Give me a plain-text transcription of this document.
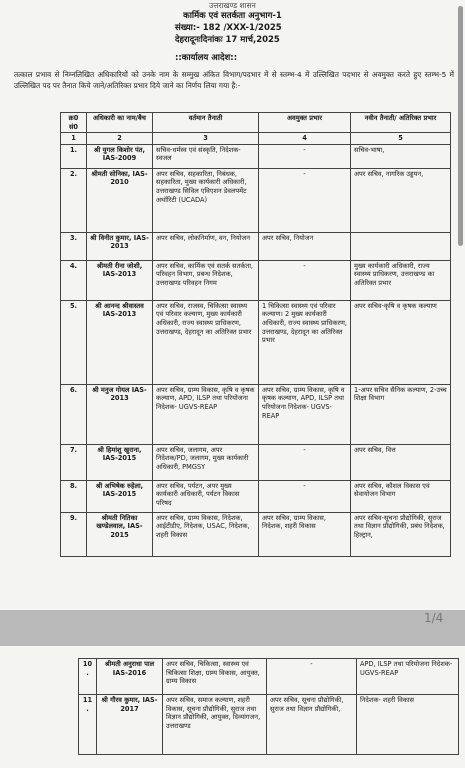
उत्तराखण्ड शासन
कार्मिक एवं सतर्कता अनुभाग-1
संख्या:- 182 /XXX-1/2025
देहरादूनःदिनांकः 17 मार्च,2025
::कार्यालय आदेश::
तत्काल प्रभाव से निम्नलिखित अधिकारियों को उनके नाम के सम्मुख अंकित विभाग/पदभार में से स्तम्भ-4 में उल्लिखित पदभार से अवमुक्त करते हुए स्तम्भ-5 में उल्लिखित पद पर तैनात किये जाने/अतिरिक्त प्रभार दिये जाने का निर्णय लिया गया है:-
क्र0 सं0	अधिकारी का नाम/बैच	वर्तमान तैनाती	अवमुक्त प्रभार	नवीन तैनाती/ अतिरिक्त प्रभार
1	2	3	4	5
1.	श्री युगल किशोर पंत, IAS-2009	सचिव-धर्मस्व एवं संस्कृति, निदेशक-स्वजल	-	सचिव-भाषा,
2.	श्रीमती सोनिका, IAS-2010	अपर सचिव, सहकारिता, निबंधक, सहकारिता, मुख्य कार्यकारी अधिकारी, उत्तराखण्ड सिविल एविएशन डेवलपमेंट अथॉरिटी (UCADA)	-	अपर सचिव, नागरिक उड्डयन,
3.	श्री विनीत कुमार, IAS-2013	अपर सचिव, लोकनिर्माण, वन, नियोजन	अपर सचिव, नियोजन	
4.	श्रीमती रीना जोशी, IAS-2013	अपर सचिव, कार्मिक एवं सतर्क सतर्कता, परिवहन विभाग, प्रबन्ध निदेशक, उत्तराखण्ड परिवहन निगम	-	मुख्य कार्यकारी अधिकारी, राज्य स्वास्थ्य प्राधिकरण, उत्तराखण्ड का अतिरिक्त प्रभार
5.	श्री आनन्द श्रीवास्तव IAS-2013	अपर सचिव, राजस्व, चिकित्सा स्वास्थ्य एवं परिवार कल्याण, मुख्य कार्यकारी अधिकारी, राज्य स्वास्थ्य प्राधिकरण, उत्तराखण्ड, देहरादून का अतिरिक्त प्रभार	1 चिकित्सा स्वास्थ्य एवं परिवार कल्याण। 2 मुख्य कार्यकारी अधिकारी, राज्य स्वास्थ्य प्राधिकरण, उत्तराखण्ड, देहरादून का अतिरिक्त प्रभार	अपर सचिव-कृषि व कृषक कल्याण
6.	श्री मनुज गोयल IAS-2013	अपर सचिव, ग्राम्य विकास, कृषि व कृषक कल्याण, APD, ILSP तथा परियोजना निदेशक- UGVS-REAP	अपर सचिव, ग्राम्य विकास, कृषि व कृषक कल्याण, APD, ILSP तथा परियोजना निदेशक- UGVS-REAP	1-अपर सचिव सैनिक कल्याण, 2-उच्च शिक्षा विभाग
7.	श्री हिमांशु खुराना, IAS-2015	अपर सचिव, जलागम, अपर निदेशक/PD, जलागम, मुख्य कार्यकारी अधिकारी, PMGSY	-	अपर सचिव, वित्त
8.	श्री अभिषेक रुहेला, IAS-2015	अपर सचिव, पर्यटन, अपर मुख्य कार्यकारी अधिकारी, पर्यटन विकास परिषद	-	अपर सचिव, कौशल विकास एवं सेवायोजन विभाग
9.	श्रीमती नितिका खण्डेलवाल, IAS-2015	अपर सचिव, ग्राम्य विकास, निदेशक, आईटीडीए, निदेशक, USAC, निदेशक, शहरी विकास	अपर सचिव, ग्राम्य विकास, निदेशक, शहरी विकास	अपर सचिव-सूचना प्रौद्योगिकी, सुराज तथा विज्ञान प्रौद्योगिकी, प्रबंध निदेशक, हिल्ट्रान,
1/4
10.	श्रीमती अनुराधा पाल IAS-2016	अपर सचिव, चिकित्सा, स्वास्थ्य एवं चिकित्सा शिक्षा, ग्राम्य विकास, आयुक्त, ग्राम्य विकास	-	APD, ILSP तथा परियोजना निदेशक- UGVS-REAP
11.	श्री गौरव कुमार, IAS-2017	अपर सचिव, समाज कल्याण, शहरी विकास, सूचना प्रौद्योगिकी, सुराज तथा विज्ञान प्रौद्योगिकी, आयुक्त, दिव्यांगजन, उत्तराखण्ड	अपर सचिव, सूचना प्रौद्योगिकी, सुराज तथा विज्ञान प्रौद्योगिकी,	निदेशक- शहरी विकास
